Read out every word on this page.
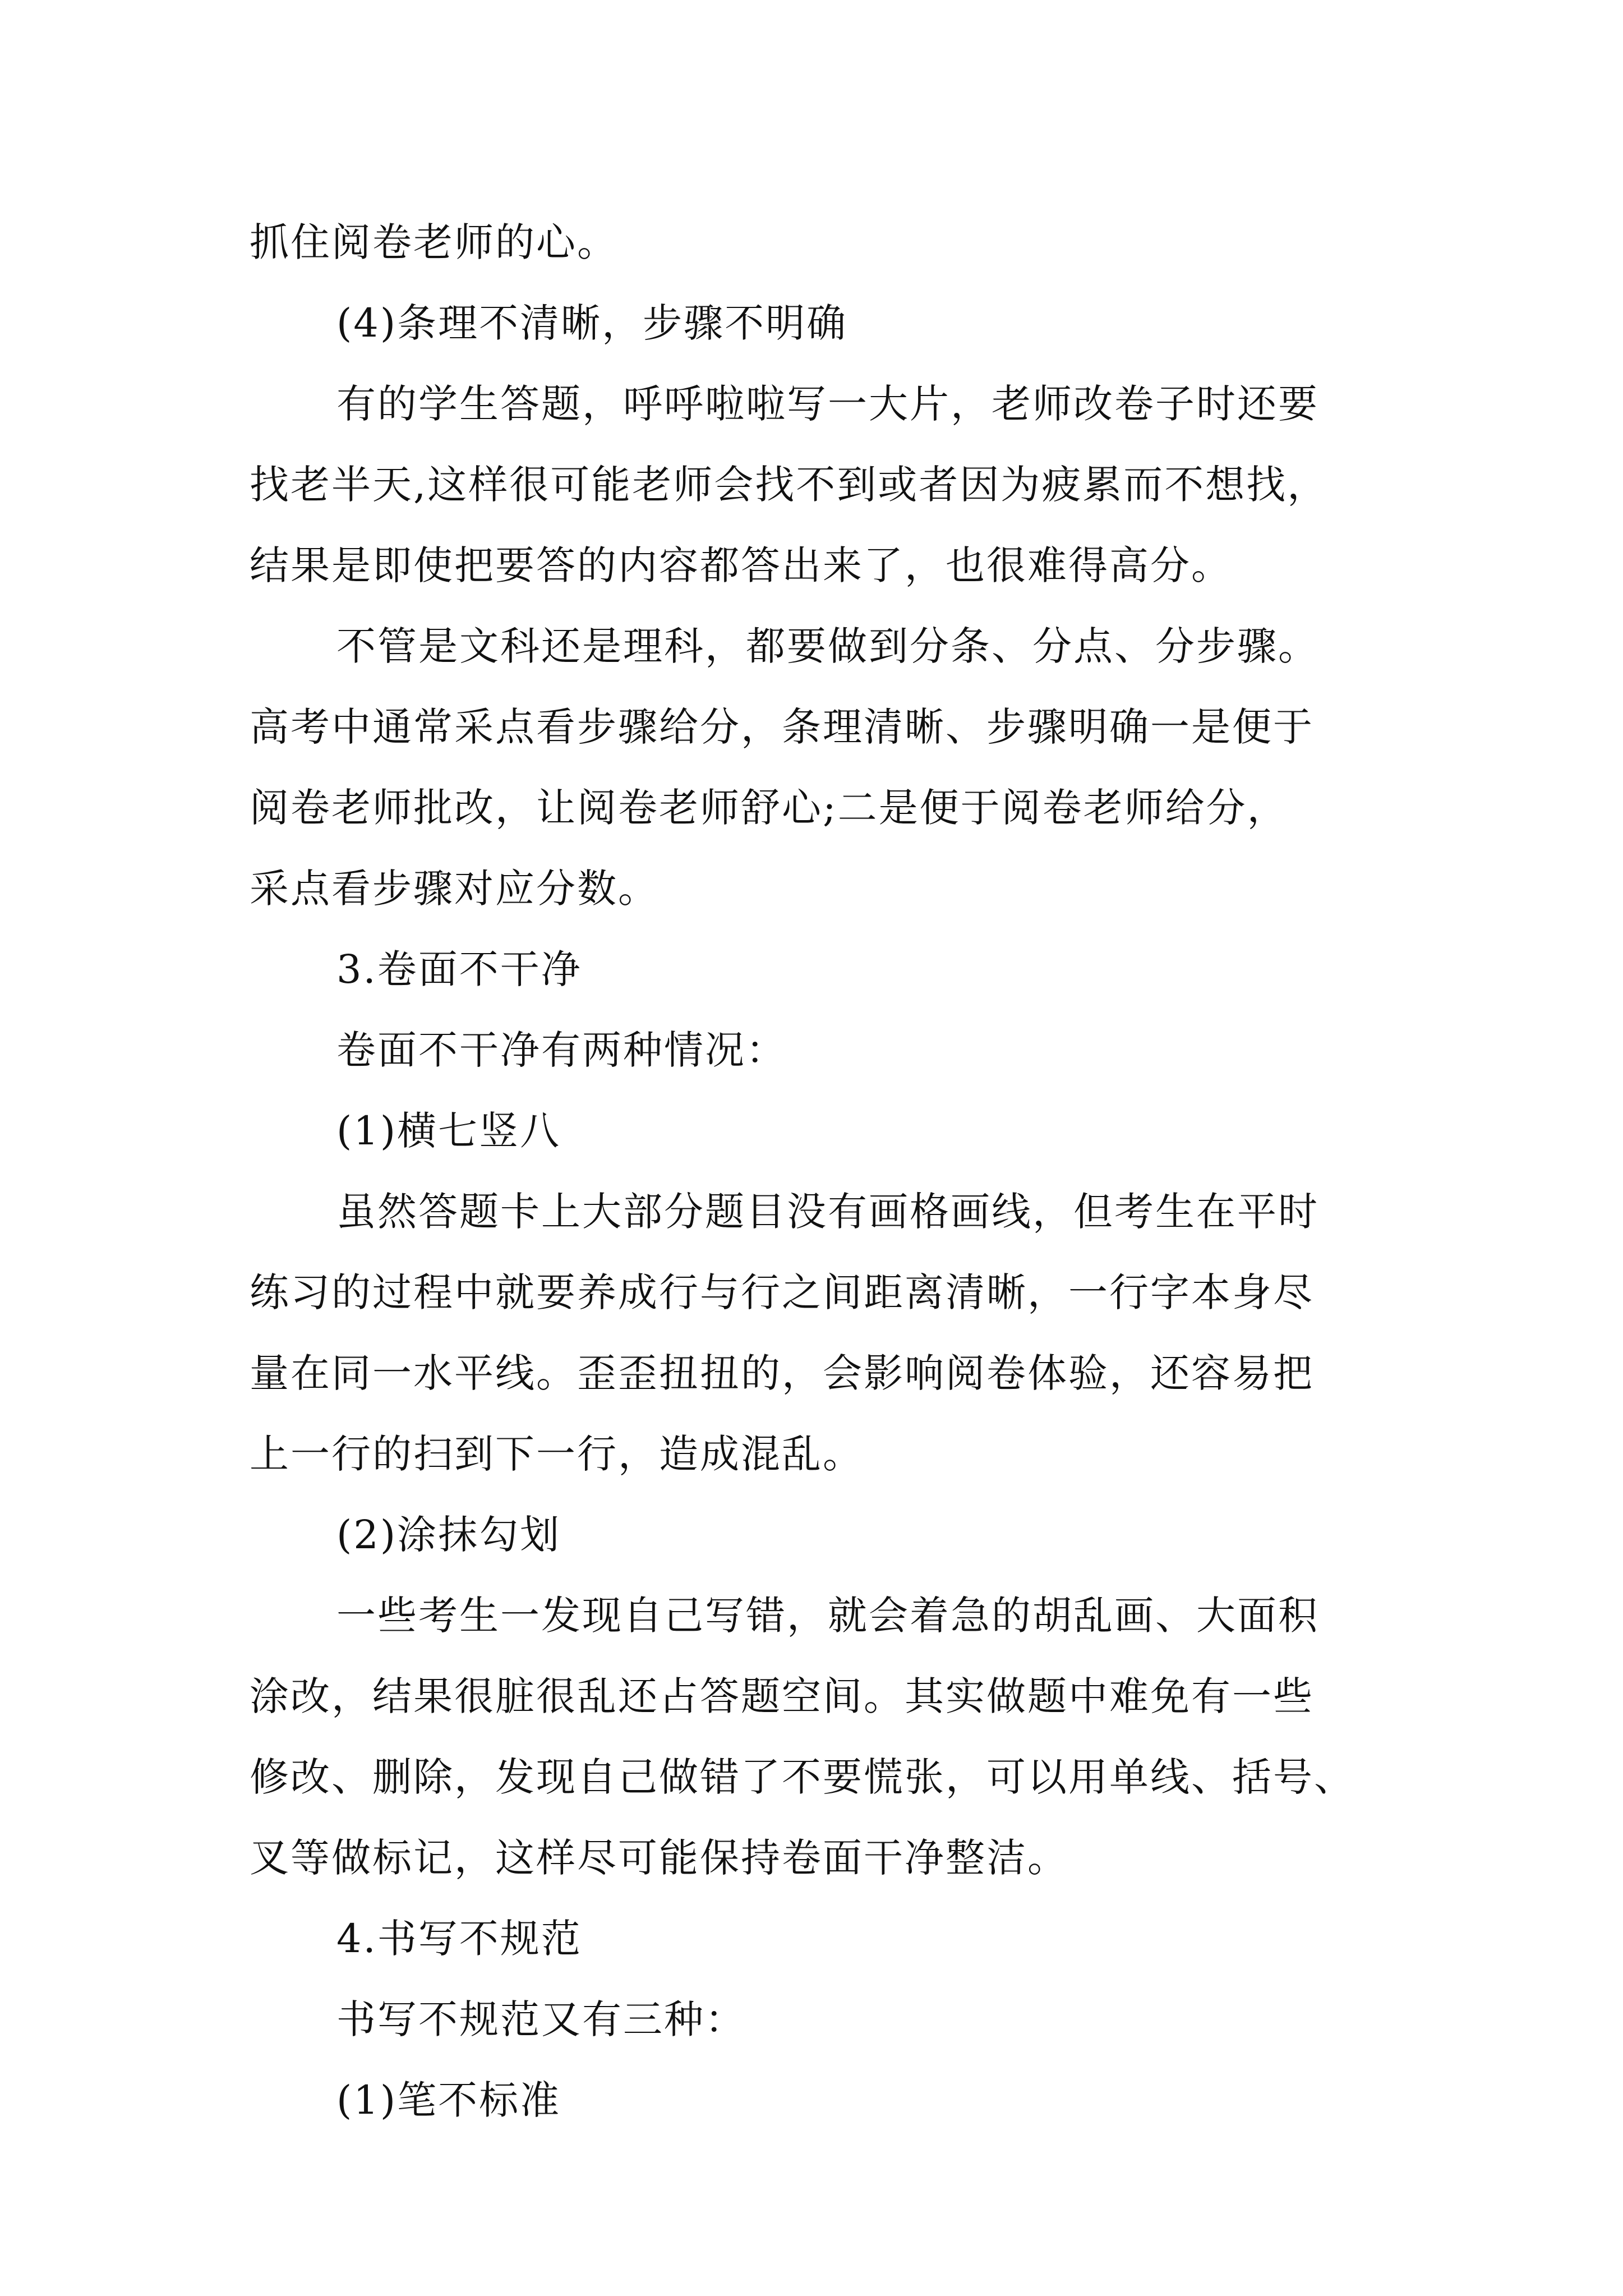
抓住阅卷老师的心。
(4)条理不清晰，步骤不明确
有的学生答题，呼呼啦啦写一大片，老师改卷子时还要
找老半天,这样很可能老师会找不到或者因为疲累而不想找，
结果是即使把要答的内容都答出来了，也很难得高分。
不管是文科还是理科，都要做到分条、分点、分步骤。
高考中通常采点看步骤给分，条理清晰、步骤明确一是便于
阅卷老师批改，让阅卷老师舒心;二是便于阅卷老师给分，
采点看步骤对应分数。
3.卷面不干净
卷面不干净有两种情况：
(1)横七竖八
虽然答题卡上大部分题目没有画格画线，但考生在平时
练习的过程中就要养成行与行之间距离清晰，一行字本身尽
量在同一水平线。歪歪扭扭的，会影响阅卷体验，还容易把
上一行的扫到下一行，造成混乱。
(2)涂抹勾划
一些考生一发现自己写错，就会着急的胡乱画、大面积
涂改，结果很脏很乱还占答题空间。其实做题中难免有一些
修改、删除，发现自己做错了不要慌张，可以用单线、括号、
叉等做标记，这样尽可能保持卷面干净整洁。
4.书写不规范
书写不规范又有三种：
(1)笔不标准
